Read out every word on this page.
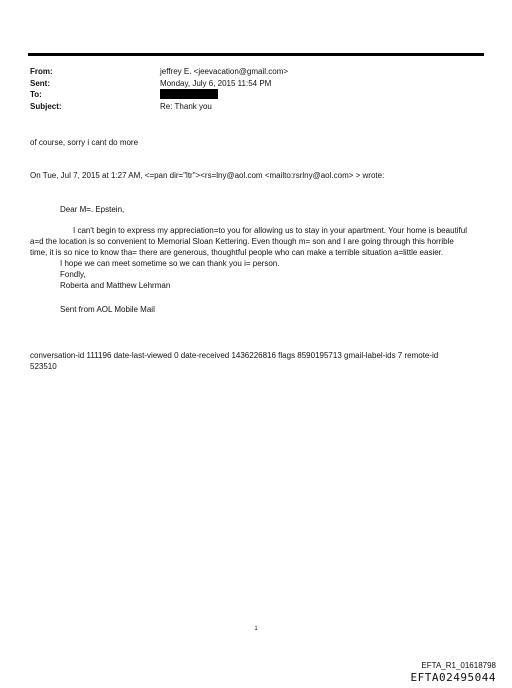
From:	jeffrey E. <jeevacation@gmail.com>
Sent:	Monday, July 6, 2015 11:54 PM
To:
Subject:	Re: Thank you
of course, sorry i cant do more
On Tue, Jul 7, 2015 at 1:27 AM, <=pan dir="ltr"><rs=lny@aol.com <mailto:rsrlny@aol.com> > wrote:
Dear M=. Epstein,
I can't begin to express my appreciation=to you for allowing us to stay in your apartment. Your home is beautiful
a=d the location is so convenient to Memorial Sloan Kettering. Even though m= son and I are going through this horrible
time, it is so nice to know tha= there are generous, thoughtful people who can make a terrible situation a=little easier.
I hope we can meet sometime so we can thank you i= person.
Fondly,
Roberta and Matthew Lehrman
Sent from AOL Mobile Mail
conversation-id 111196 date-last-viewed 0 date-received 1436226816 flags 8590195713 gmail-label-ids 7 remote-id
523510
1
EFTA_R1_01618798
EFTA02495044
